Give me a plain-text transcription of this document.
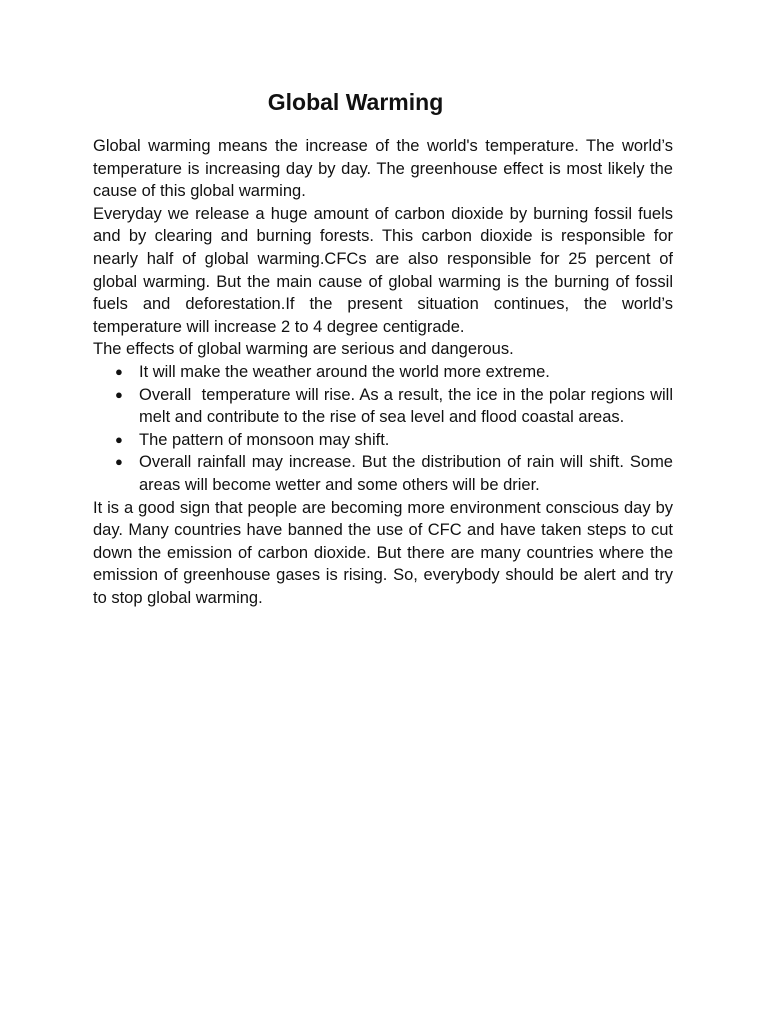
Global Warming

Global warming means the increase of the world's temperature. The world’s temperature is increasing day by day. The greenhouse effect is most likely the cause of this global warming.

Everyday we release a huge amount of carbon dioxide by burning fossil fuels and by clearing and burning forests. This carbon dioxide is responsible for nearly half of global warming.CFCs are also responsible for 25 percent of global warming. But the main cause of global warming is the burning of fossil fuels and deforestation.If the present situation continues, the world’s temperature will increase 2 to 4 degree centigrade.

The effects of global warming are serious and dangerous.

● It will make the weather around the world more extreme.
● Overall  temperature will rise. As a result, the ice in the polar regions will melt and contribute to the rise of sea level and flood coastal areas.
● The pattern of monsoon may shift.
● Overall rainfall may increase. But the distribution of rain will shift. Some areas will become wetter and some others will be drier.

It is a good sign that people are becoming more environment conscious day by day. Many countries have banned the use of CFC and have taken steps to cut down the emission of carbon dioxide. But there are many countries where the emission of greenhouse gases is rising. So, everybody should be alert and try to stop global warming.
